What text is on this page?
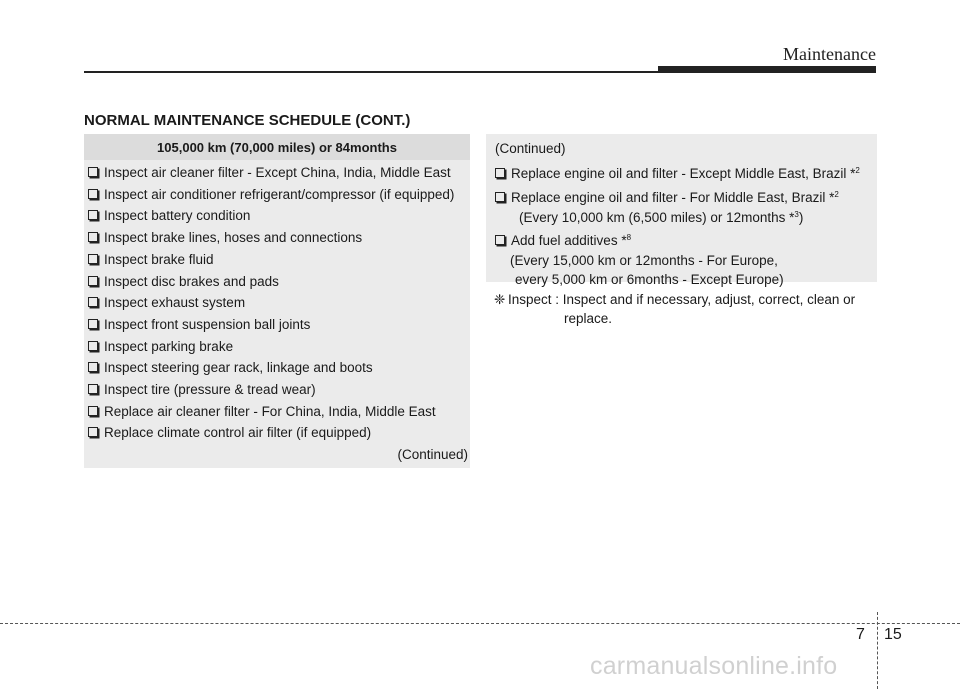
Maintenance
NORMAL MAINTENANCE SCHEDULE (CONT.)
105,000 km (70,000 miles) or 84months
Inspect air cleaner filter - Except China, India, Middle East
Inspect air conditioner refrigerant/compressor (if equipped)
Inspect battery condition
Inspect brake lines, hoses and connections
Inspect brake fluid
Inspect disc brakes and pads
Inspect exhaust system
Inspect front suspension ball joints
Inspect parking brake
Inspect steering gear rack, linkage and boots
Inspect tire (pressure & tread wear)
Replace air cleaner filter - For China, India, Middle East
Replace climate control air filter (if equipped)
(Continued)
(Continued)
Replace engine oil and filter - Except Middle East, Brazil *$^2$
Replace engine oil and filter - For Middle East, Brazil *$^2$
(Every 10,000 km (6,500 miles) or 12months *$^3$)
Add fuel additives *$^8$
(Every 15,000 km or 12months - For Europe,
every 5,000 km or 6months - Except Europe)
❈ Inspect : Inspect and if necessary, adjust, correct, clean or
replace.
7 15
carmanualsonline.info
